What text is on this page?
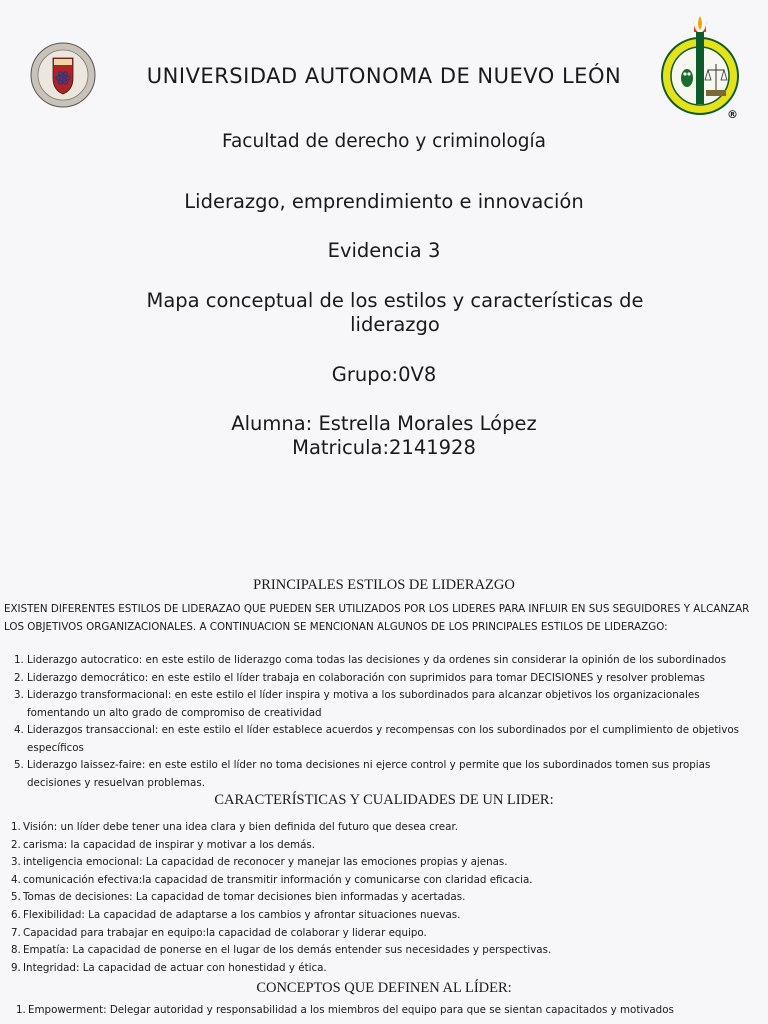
®
UNIVERSIDAD AUTONOMA DE NUEVO LEÓN
Facultad de derecho y criminología
Liderazgo, emprendimiento e innovación
Evidencia 3
Mapa conceptual de los estilos y características de liderazgo
Grupo:0V8
Alumna: Estrella Morales López
Matricula:2141928
PRINCIPALES ESTILOS DE LIDERAZGO

EXISTEN DIFERENTES ESTILOS DE LIDERAZAO QUE PUEDEN SER UTILIZADOS POR LOS LIDERES PARA INFLUIR EN SUS SEGUIDORES Y ALCANZAR LOS OBJETIVOS ORGANIZACIONALES. A CONTINUACION SE MENCIONAN ALGUNOS DE LOS PRINCIPALES ESTILOS DE LIDERAZGO:

1. Liderazgo autocratico: en este estilo de liderazgo coma todas las decisiones y da ordenes sin considerar la opinión de los subordinados
2. Liderazgo democrático: en este estilo el líder trabaja en colaboración con suprimidos para tomar DECISIONES y resolver problemas
3. Liderazgo transformacional: en este estilo el líder inspira y motiva a los subordinados para alcanzar objetivos los organizacionales fomentando un alto grado de compromiso de creatividad
4. Liderazgos transaccional: en este estilo el líder establece acuerdos y recompensas con los subordinados por el cumplimiento de objetivos específicos
5. Liderazgo laissez-faire: en este estilo el líder no toma decisiones ni ejerce control y permite que los subordinados tomen sus propias decisiones y resuelvan problemas.
CARACTERÍSTICAS Y CUALIDADES DE UN LIDER:
1. Visión: un líder debe tener una idea clara y bien definida del futuro que desea crear.
2. carisma: la capacidad de inspirar y motivar a los demás.
3. inteligencia emocional: La capacidad de reconocer y manejar las emociones propias y ajenas.
4. comunicación efectiva:la capacidad de transmitir información y comunicarse con claridad eficacia.
5. Tomas de decisiones: La capacidad de tomar decisiones bien informadas y acertadas.
6. Flexibilidad: La capacidad de adaptarse a los cambios y afrontar situaciones nuevas.
7. Capacidad para trabajar en equipo:la capacidad de colaborar y liderar equipo.
8. Empatía: La capacidad de ponerse en el lugar de los demás entender sus necesidades y perspectivas.
9. Integridad: La capacidad de actuar con honestidad y ética.
CONCEPTOS QUE DEFINEN AL LÍDER:
1. Empowerment: Delegar autoridad y responsabilidad a los miembros del equipo para que se sientan capacitados y motivados
